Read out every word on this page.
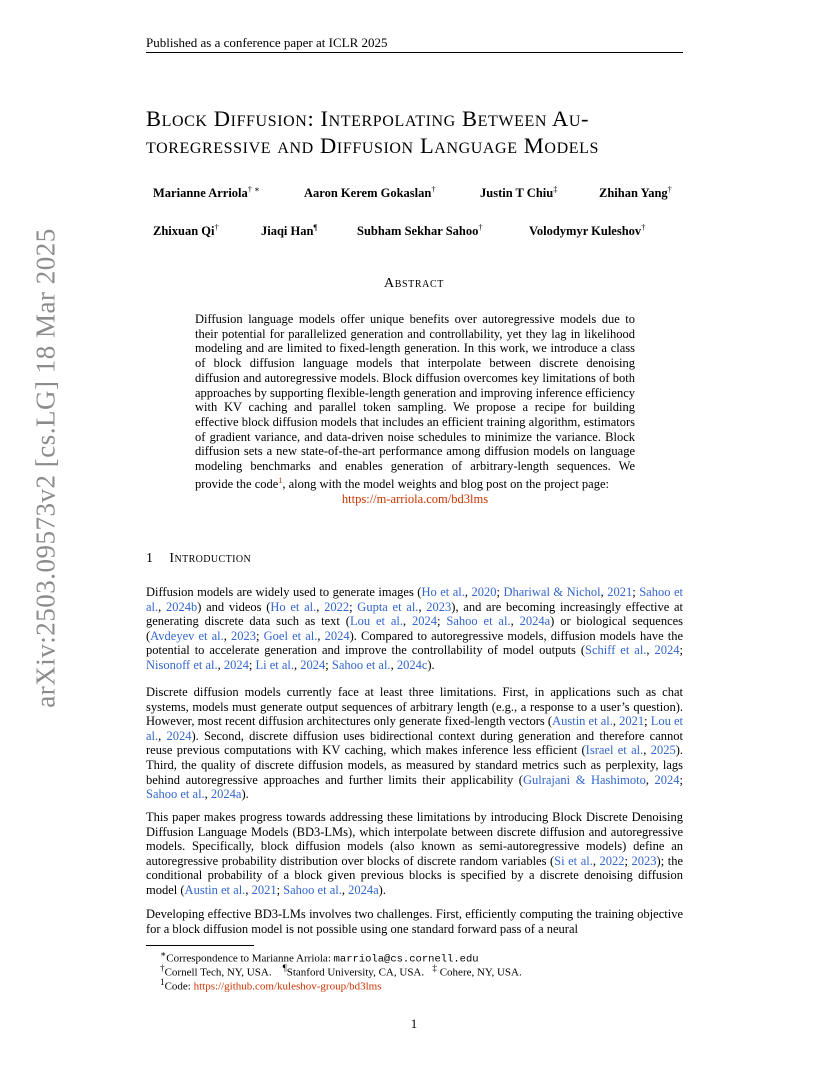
arXiv:2503.09573v2 [cs.LG] 18 Mar 2025
Published as a conference paper at ICLR 2025
Block Diffusion: Interpolating Between Au-
toregressive and Diffusion Language Models
Marianne Arriola† ∗	Aaron Kerem Gokaslan†	Justin T Chiu‡	Zhihan Yang†
Zhixuan Qi†	Jiaqi Han¶	Subham Sekhar Sahoo†	Volodymyr Kuleshov†
Abstract
Diffusion language models offer unique benefits over autoregressive models due to their potential for parallelized generation and controllability, yet they lag in likelihood modeling and are limited to fixed-length generation. In this work, we introduce a class of block diffusion language models that interpolate between discrete denoising diffusion and autoregressive models. Block diffusion overcomes key limitations of both approaches by supporting flexible-length generation and improving inference efficiency with KV caching and parallel token sampling. We propose a recipe for building effective block diffusion models that includes an efficient training algorithm, estimators of gradient variance, and data-driven noise schedules to minimize the variance. Block diffusion sets a new state-of-the-art performance among diffusion models on language modeling benchmarks and enables generation of arbitrary-length sequences. We provide the code$^1$, along with the model weights and blog post on the project page:
https://m-arriola.com/bd3lms
1 Introduction
Diffusion models are widely used to generate images (Ho et al., 2020; Dhariwal & Nichol, 2021; Sahoo et al., 2024b) and videos (Ho et al., 2022; Gupta et al., 2023), and are becoming increasingly effective at generating discrete data such as text (Lou et al., 2024; Sahoo et al., 2024a) or biological sequences (Avdeyev et al., 2023; Goel et al., 2024). Compared to autoregressive models, diffusion models have the potential to accelerate generation and improve the controllability of model outputs (Schiff et al., 2024; Nisonoff et al., 2024; Li et al., 2024; Sahoo et al., 2024c).
Discrete diffusion models currently face at least three limitations. First, in applications such as chat systems, models must generate output sequences of arbitrary length (e.g., a response to a user’s question). However, most recent diffusion architectures only generate fixed-length vectors (Austin et al., 2021; Lou et al., 2024). Second, discrete diffusion uses bidirectional context during generation and therefore cannot reuse previous computations with KV caching, which makes inference less efficient (Israel et al., 2025). Third, the quality of discrete diffusion models, as measured by standard metrics such as perplexity, lags behind autoregressive approaches and further limits their applicability (Gulrajani & Hashimoto, 2024; Sahoo et al., 2024a).
This paper makes progress towards addressing these limitations by introducing Block Discrete Denoising Diffusion Language Models (BD3-LMs), which interpolate between discrete diffusion and autoregressive models. Specifically, block diffusion models (also known as semi-autoregressive models) define an autoregressive probability distribution over blocks of discrete random variables (Si et al., 2022; 2023); the conditional probability of a block given previous blocks is specified by a discrete denoising diffusion model (Austin et al., 2021; Sahoo et al., 2024a).
Developing effective BD3-LMs involves two challenges. First, efficiently computing the training objective for a block diffusion model is not possible using one standard forward pass of a neural
∗Correspondence to Marianne Arriola: marriola@cs.cornell.edu
†Cornell Tech, NY, USA. ¶Stanford University, CA, USA. ‡ Cohere, NY, USA.
$^1$Code: https://github.com/kuleshov-group/bd3lms
1
